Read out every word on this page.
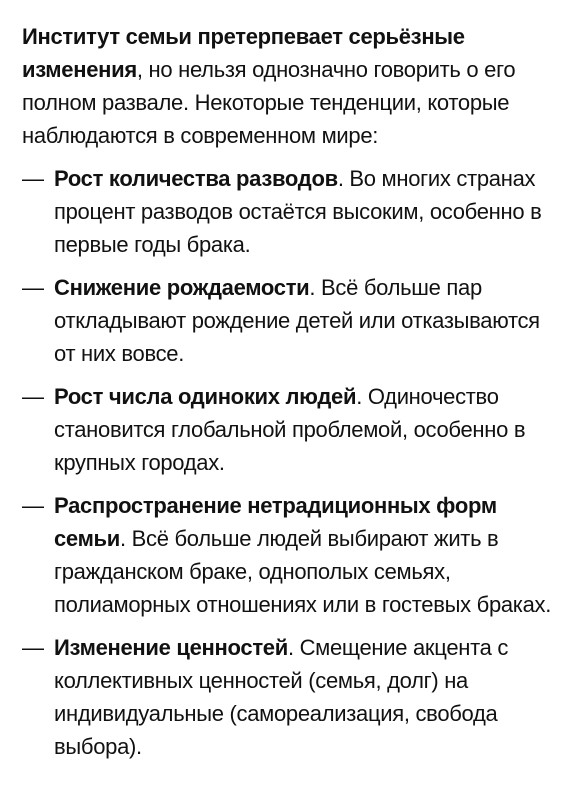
Институт семьи претерпевает серьёзные изменения, но нельзя однозначно говорить о его полном развале. Некоторые тенденции, которые наблюдаются в современном мире:

— Рост количества разводов. Во многих странах процент разводов остаётся высоким, особенно в первые годы брака.
— Снижение рождаемости. Всё больше пар откладывают рождение детей или отказываются от них вовсе.
— Рост числа одиноких людей. Одиночество становится глобальной проблемой, особенно в крупных городах.
— Распространение нетрадиционных форм семьи. Всё больше людей выбирают жить в гражданском браке, однополых семьях, полиаморных отношениях или в гостевых браках.
— Изменение ценностей. Смещение акцента с коллективных ценностей (семья, долг) на индивидуальные (самореализация, свобода выбора).
